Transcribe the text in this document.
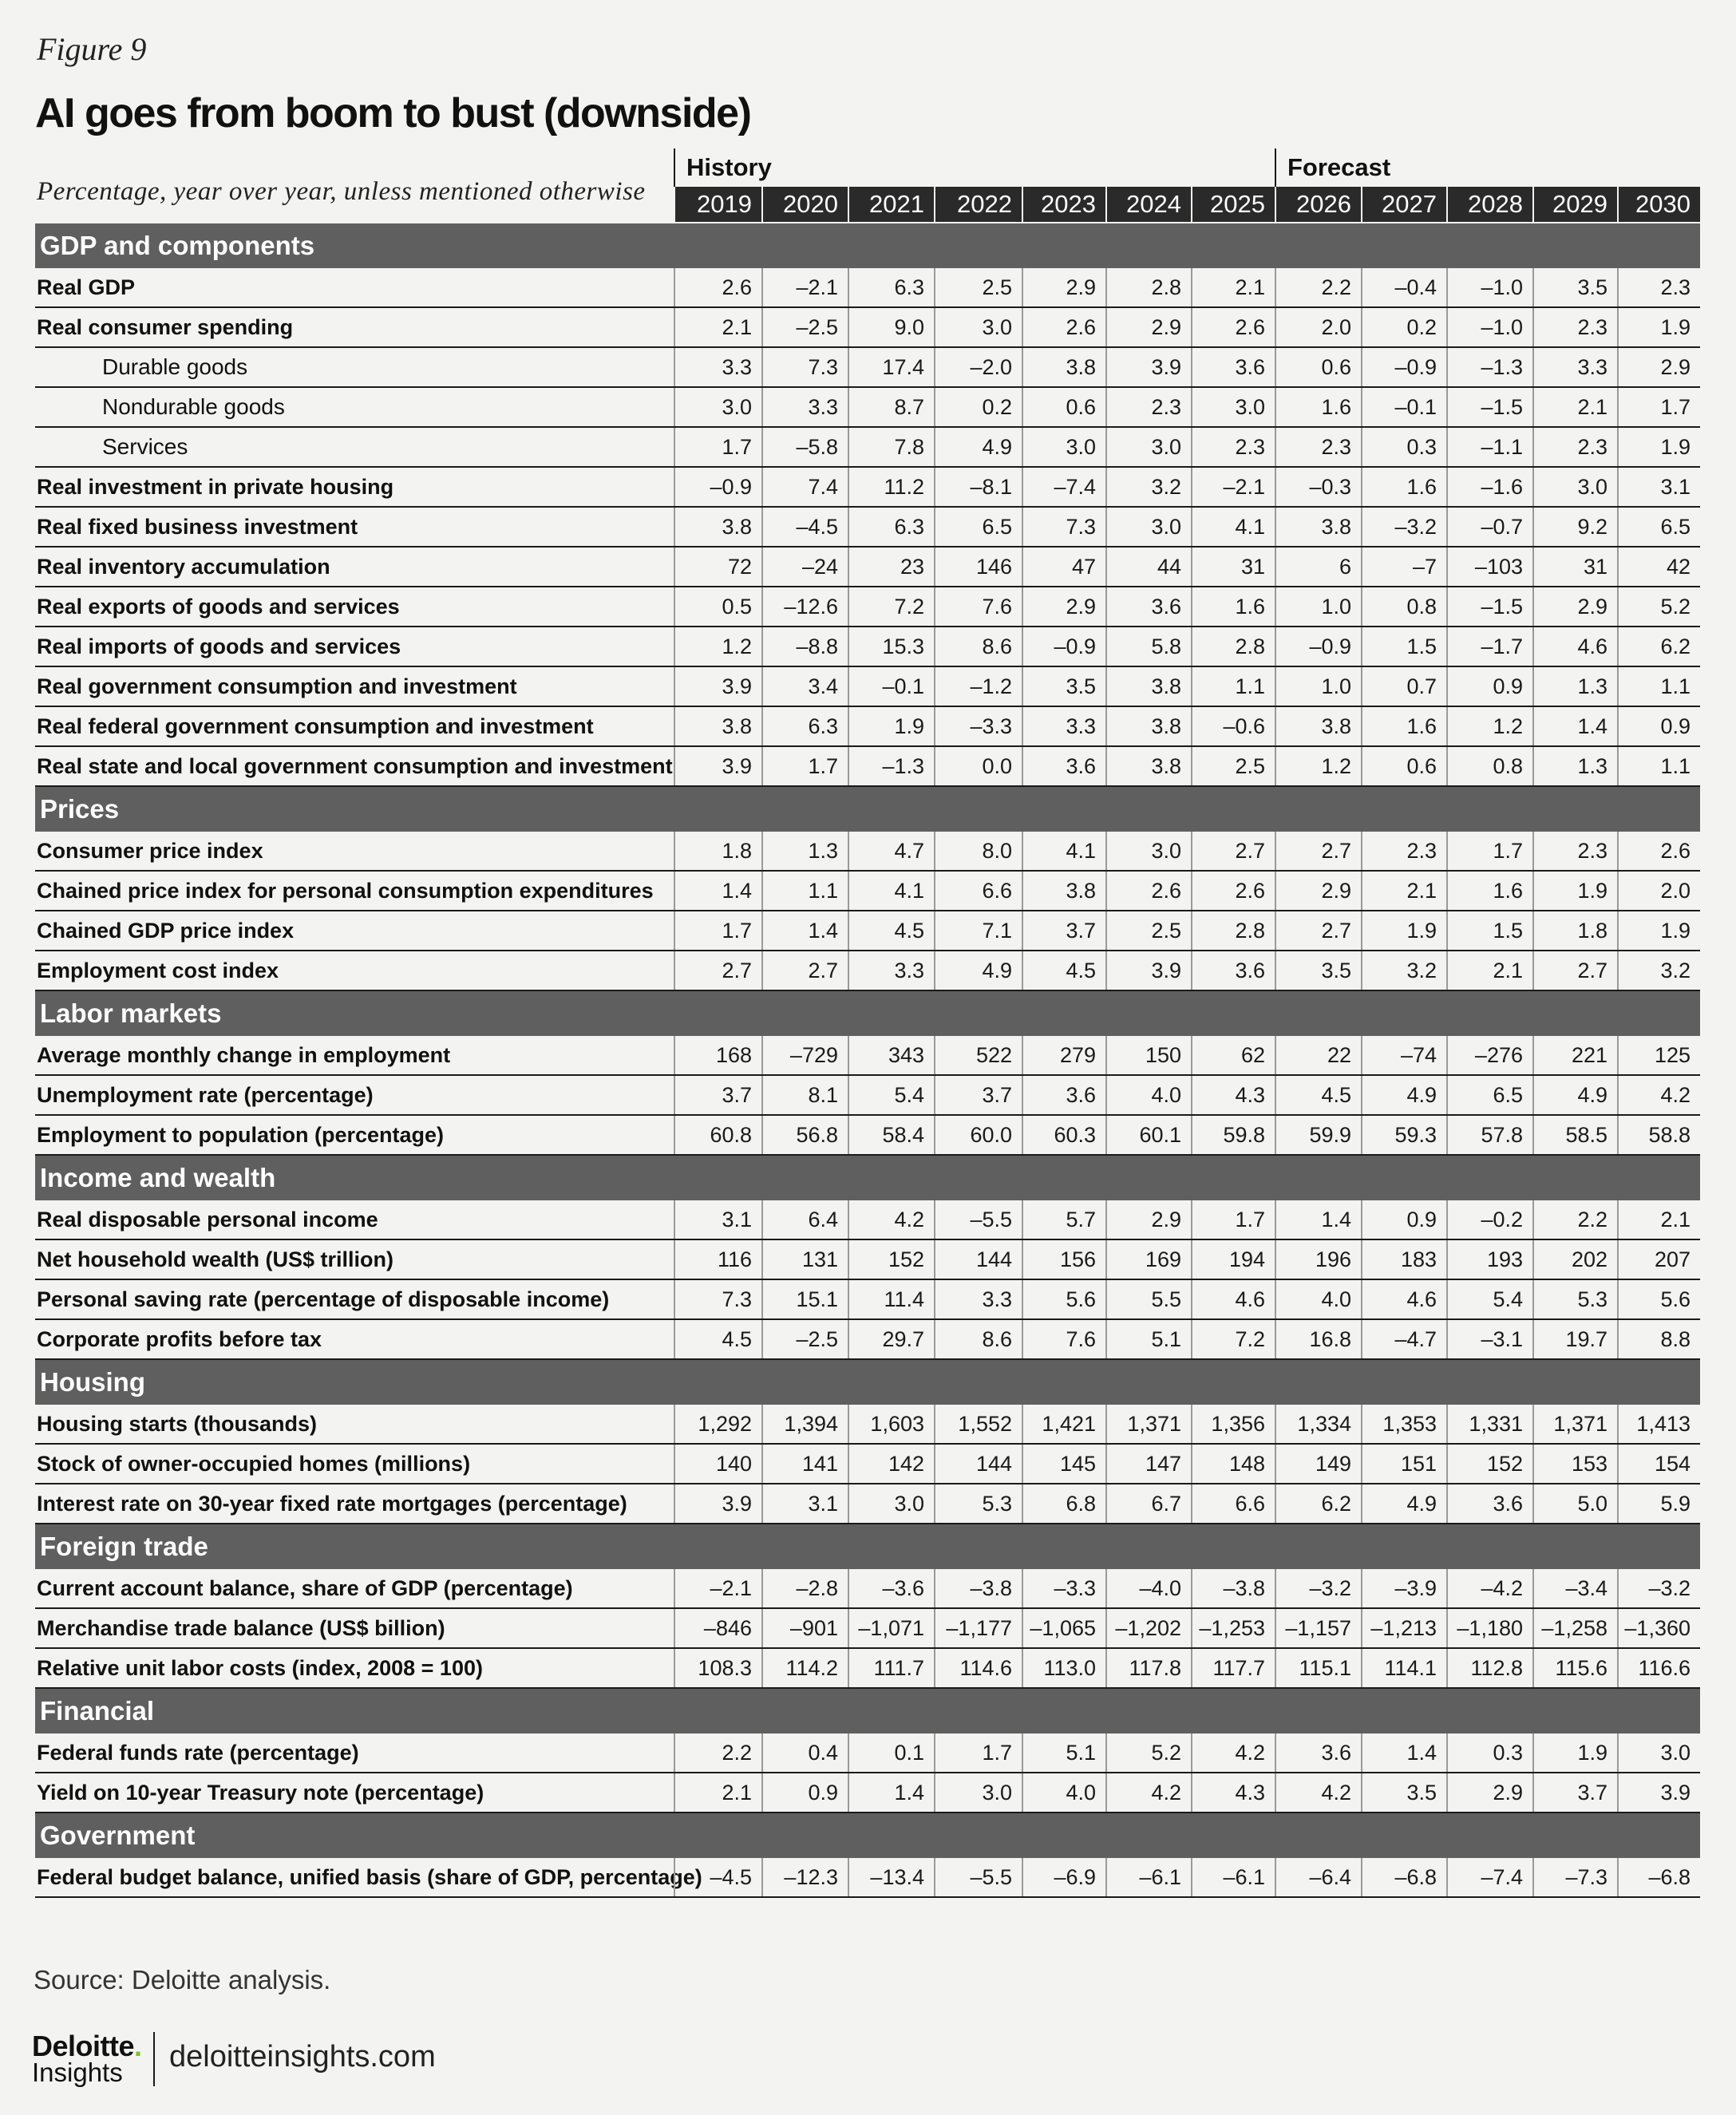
Figure 9
AI goes from boom to bust (downside)
Percentage, year over year, unless mentioned otherwise
History	Forecast
2019	2020	2021	2022	2023	2024	2025	2026	2027	2028	2029	2030
GDP and components
Real GDP	2.6	–2.1	6.3	2.5	2.9	2.8	2.1	2.2	–0.4	–1.0	3.5	2.3
Real consumer spending	2.1	–2.5	9.0	3.0	2.6	2.9	2.6	2.0	0.2	–1.0	2.3	1.9
Durable goods	3.3	7.3	17.4	–2.0	3.8	3.9	3.6	0.6	–0.9	–1.3	3.3	2.9
Nondurable goods	3.0	3.3	8.7	0.2	0.6	2.3	3.0	1.6	–0.1	–1.5	2.1	1.7
Services	1.7	–5.8	7.8	4.9	3.0	3.0	2.3	2.3	0.3	–1.1	2.3	1.9
Real investment in private housing	–0.9	7.4	11.2	–8.1	–7.4	3.2	–2.1	–0.3	1.6	–1.6	3.0	3.1
Real fixed business investment	3.8	–4.5	6.3	6.5	7.3	3.0	4.1	3.8	–3.2	–0.7	9.2	6.5
Real inventory accumulation	72	–24	23	146	47	44	31	6	–7	–103	31	42
Real exports of goods and services	0.5	–12.6	7.2	7.6	2.9	3.6	1.6	1.0	0.8	–1.5	2.9	5.2
Real imports of goods and services	1.2	–8.8	15.3	8.6	–0.9	5.8	2.8	–0.9	1.5	–1.7	4.6	6.2
Real government consumption and investment	3.9	3.4	–0.1	–1.2	3.5	3.8	1.1	1.0	0.7	0.9	1.3	1.1
Real federal government consumption and investment	3.8	6.3	1.9	–3.3	3.3	3.8	–0.6	3.8	1.6	1.2	1.4	0.9
Real state and local government consumption and investment	3.9	1.7	–1.3	0.0	3.6	3.8	2.5	1.2	0.6	0.8	1.3	1.1
Prices
Consumer price index	1.8	1.3	4.7	8.0	4.1	3.0	2.7	2.7	2.3	1.7	2.3	2.6
Chained price index for personal consumption expenditures	1.4	1.1	4.1	6.6	3.8	2.6	2.6	2.9	2.1	1.6	1.9	2.0
Chained GDP price index	1.7	1.4	4.5	7.1	3.7	2.5	2.8	2.7	1.9	1.5	1.8	1.9
Employment cost index	2.7	2.7	3.3	4.9	4.5	3.9	3.6	3.5	3.2	2.1	2.7	3.2
Labor markets
Average monthly change in employment	168	–729	343	522	279	150	62	22	–74	–276	221	125
Unemployment rate (percentage)	3.7	8.1	5.4	3.7	3.6	4.0	4.3	4.5	4.9	6.5	4.9	4.2
Employment to population (percentage)	60.8	56.8	58.4	60.0	60.3	60.1	59.8	59.9	59.3	57.8	58.5	58.8
Income and wealth
Real disposable personal income	3.1	6.4	4.2	–5.5	5.7	2.9	1.7	1.4	0.9	–0.2	2.2	2.1
Net household wealth (US$ trillion)	116	131	152	144	156	169	194	196	183	193	202	207
Personal saving rate (percentage of disposable income)	7.3	15.1	11.4	3.3	5.6	5.5	4.6	4.0	4.6	5.4	5.3	5.6
Corporate profits before tax	4.5	–2.5	29.7	8.6	7.6	5.1	7.2	16.8	–4.7	–3.1	19.7	8.8
Housing
Housing starts (thousands)	1,292	1,394	1,603	1,552	1,421	1,371	1,356	1,334	1,353	1,331	1,371	1,413
Stock of owner-occupied homes (millions)	140	141	142	144	145	147	148	149	151	152	153	154
Interest rate on 30-year fixed rate mortgages (percentage)	3.9	3.1	3.0	5.3	6.8	6.7	6.6	6.2	4.9	3.6	5.0	5.9
Foreign trade
Current account balance, share of GDP (percentage)	–2.1	–2.8	–3.6	–3.8	–3.3	–4.0	–3.8	–3.2	–3.9	–4.2	–3.4	–3.2
Merchandise trade balance (US$ billion)	–846	–901 –1,071	–1,177 –1,065 –1,202 –1,253 –1,157 –1,213 –1,180 –1,258 –1,360
Relative unit labor costs (index, 2008 = 100)	108.3	114.2	111.7	114.6	113.0	117.8	117.7	115.1	114.1	112.8	115.6	116.6
Financial
Federal funds rate (percentage)	2.2	0.4	0.1	1.7	5.1	5.2	4.2	3.6	1.4	0.3	1.9	3.0
Yield on 10-year Treasury note (percentage)	2.1	0.9	1.4	3.0	4.0	4.2	4.3	4.2	3.5	2.9	3.7	3.9
Government
Federal budget balance, unified basis (share of GDP, percentage) –4.5	–12.3	–13.4	–5.5	–6.9	–6.1	–6.1	–6.4	–6.8	–7.4	–7.3	–6.8
Source: Deloitte analysis.
Deloitte.
Insights deloitteinsights.com
